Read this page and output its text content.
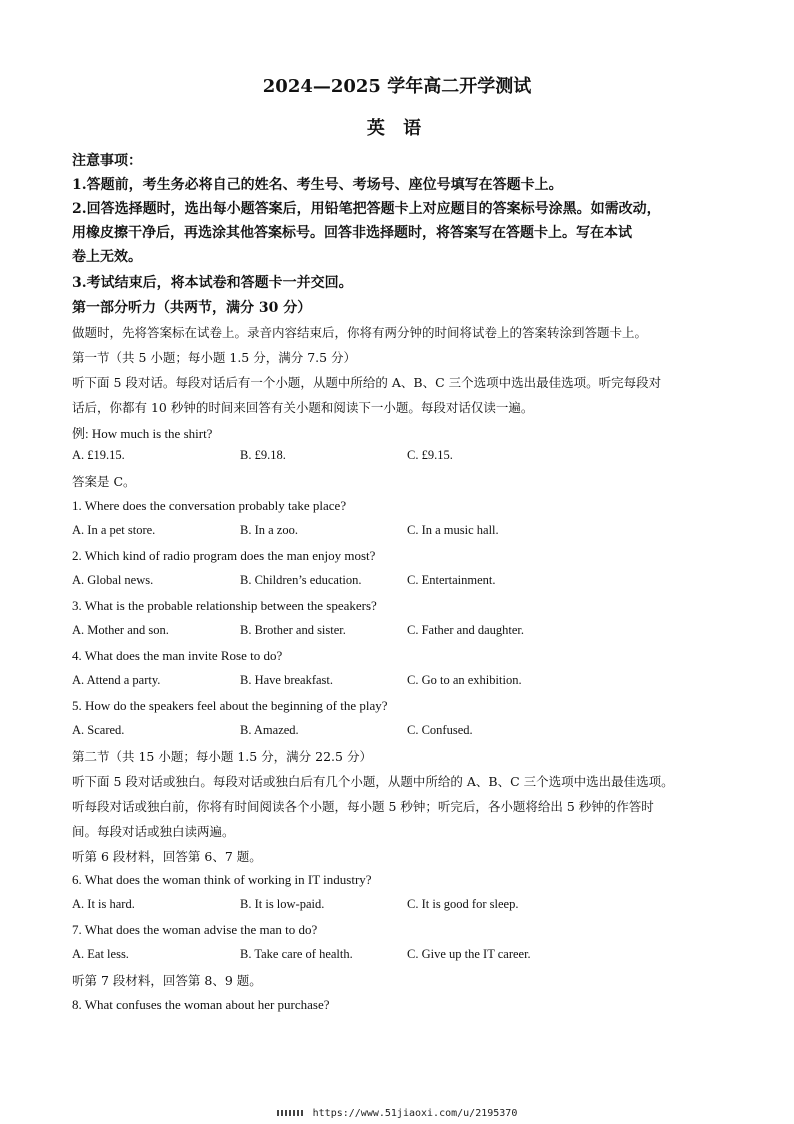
2024—2025 学年高二开学测试
英 语
注意事项：
1.答题前，考生务必将自己的姓名、考生号、考场号、座位号填写在答题卡上。
2.回答选择题时，选出每小题答案后，用铅笔把答题卡上对应题目的答案标号涂黑。如需改动，
用橡皮擦干净后，再选涂其他答案标号。回答非选择题时，将答案写在答题卡上。写在本试
卷上无效。
3.考试结束后，将本试卷和答题卡一并交回。
第一部分听力（共两节，满分 30 分）
做题时，先将答案标在试卷上。录音内容结束后，你将有两分钟的时间将试卷上的答案转涂到答题卡上。
第一节（共 5 小题；每小题 1.5 分，满分 7.5 分）
听下面 5 段对话。每段对话后有一个小题，从题中所给的 A、B、C 三个选项中选出最佳选项。听完每段对
话后，你都有 10 秒钟的时间来回答有关小题和阅读下一小题。每段对话仅读一遍。
例: How much is the shirt?
A. £19.15.	B. £9.18.	C. £9.15.
答案是 C。
1. Where does the conversation probably take place?
A. In a pet store.	B. In a zoo.	C. In a music hall.
2. Which kind of radio program does the man enjoy most?
A. Global news.	B. Children’s education.	C. Entertainment.
3. What is the probable relationship between the speakers?
A. Mother and son.	B. Brother and sister.	C. Father and daughter.
4. What does the man invite Rose to do?
A. Attend a party.	B. Have breakfast.	C. Go to an exhibition.
5. How do the speakers feel about the beginning of the play?
A. Scared.	B. Amazed.	C. Confused.
第二节（共 15 小题；每小题 1.5 分，满分 22.5 分）
听下面 5 段对话或独白。每段对话或独白后有几个小题，从题中所给的 A、B、C 三个选项中选出最佳选项。
听每段对话或独白前，你将有时间阅读各个小题，每小题 5 秒钟；听完后，各小题将给出 5 秒钟的作答时
间。每段对话或独白读两遍。
听第 6 段材料，回答第 6、7 题。
6. What does the woman think of working in IT industry?
A. It is hard.	B. It is low-paid.	C. It is good for sleep.
7. What does the woman advise the man to do?
A. Eat less.	B. Take care of health.	C. Give up the IT career.
听第 7 段材料，回答第 8、9 题。
8. What confuses the woman about her purchase?
https://www.51jiaoxi.com/u/2195370
